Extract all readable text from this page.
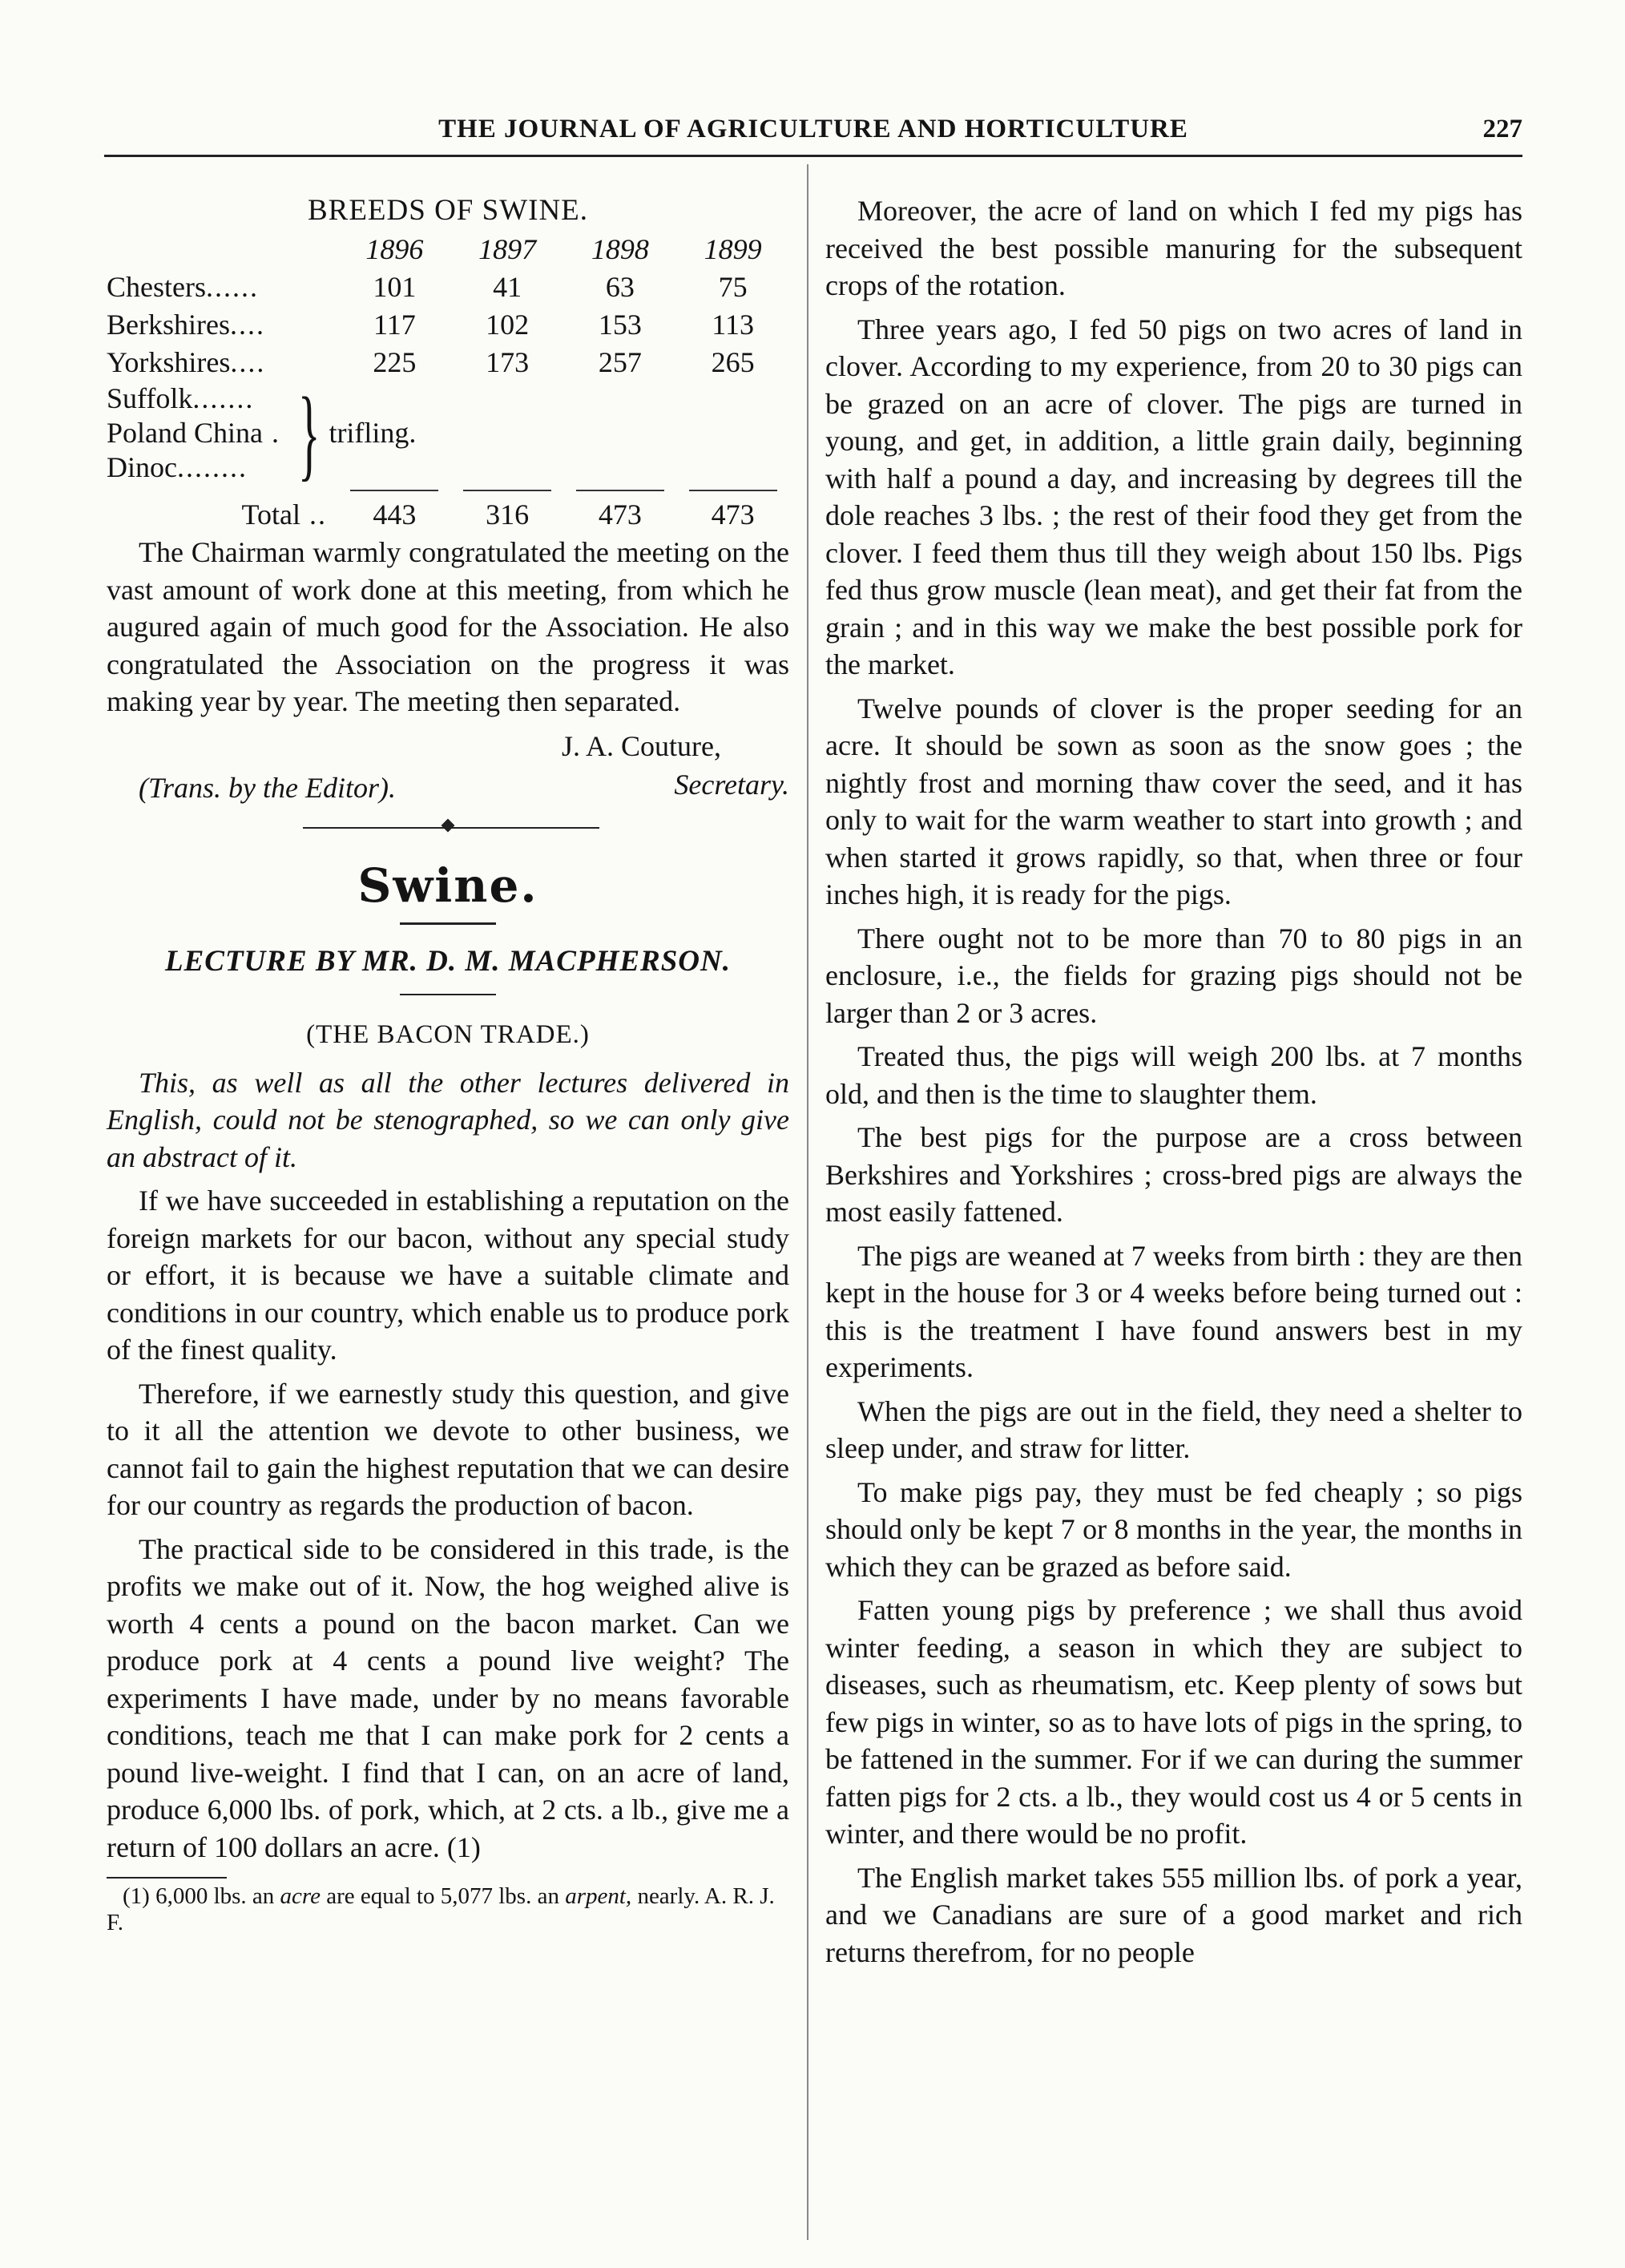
THE JOURNAL OF AGRICULTURE AND HORTICULTURE	227
BREEDS OF SWINE.
	1896	1897	1898	1899
Chesters......	101	41	63	75
Berkshires....	117	102	153	113
Yorkshires....	225	173	257	265

Suffolk.......
Poland China .
Dinoc........ } trifling.				

Total ..	443	316	473	473

The Chairman warmly congratulated the meeting on the vast amount of work done at this meeting, from which he augured again of much good for the Association. He also congratulated the Association on the progress it was making year by year. The meeting then separated.

J. A. Couture,
Secretary.
(Trans. by the Editor).
Swine.
LECTURE BY MR. D. M. MACPHERSON.
(THE BACON TRADE.)

This, as well as all the other lectures delivered in English, could not be stenographed, so we can only give an abstract of it.

If we have succeeded in establishing a reputation on the foreign markets for our bacon, without any special study or effort, it is because we have a suitable climate and conditions in our country, which enable us to produce pork of the finest quality.

Therefore, if we earnestly study this question, and give to it all the attention we devote to other business, we cannot fail to gain the highest reputation that we can desire for our country as regards the production of bacon.

The practical side to be considered in this trade, is the profits we make out of it. Now, the hog weighed alive is worth 4 cents a pound on the bacon market. Can we produce pork at 4 cents a pound live weight? The experiments I have made, under by no means favorable conditions, teach me that I can make pork for 2 cents a pound live-weight. I find that I can, on an acre of land, produce 6,000 lbs. of pork, which, at 2 cts. a lb., give me a return of 100 dollars an acre. (1)

(1) 6,000 lbs. an acre are equal to 5,077 lbs. an arpent, nearly. A. R. J. F.

Moreover, the acre of land on which I fed my pigs has received the best possible manuring for the subsequent crops of the rotation.

Three years ago, I fed 50 pigs on two acres of land in clover. According to my experience, from 20 to 30 pigs can be grazed on an acre of clover. The pigs are turned in young, and get, in addition, a little grain daily, beginning with half a pound a day, and increasing by degrees till the dole reaches 3 lbs. ; the rest of their food they get from the clover. I feed them thus till they weigh about 150 lbs. Pigs fed thus grow muscle (lean meat), and get their fat from the grain ; and in this way we make the best possible pork for the market.

Twelve pounds of clover is the proper seeding for an acre. It should be sown as soon as the snow goes ; the nightly frost and morning thaw cover the seed, and it has only to wait for the warm weather to start into growth ; and when started it grows rapidly, so that, when three or four inches high, it is ready for the pigs.

There ought not to be more than 70 to 80 pigs in an enclosure, i.e., the fields for grazing pigs should not be larger than 2 or 3 acres.

Treated thus, the pigs will weigh 200 lbs. at 7 months old, and then is the time to slaughter them.

The best pigs for the purpose are a cross between Berkshires and Yorkshires ; cross-bred pigs are always the most easily fattened.

The pigs are weaned at 7 weeks from birth : they are then kept in the house for 3 or 4 weeks before being turned out : this is the treatment I have found answers best in my experiments.

When the pigs are out in the field, they need a shelter to sleep under, and straw for litter.

To make pigs pay, they must be fed cheaply ; so pigs should only be kept 7 or 8 months in the year, the months in which they can be grazed as before said.

Fatten young pigs by preference ; we shall thus avoid winter feeding, a season in which they are subject to diseases, such as rheumatism, etc. Keep plenty of sows but few pigs in winter, so as to have lots of pigs in the spring, to be fattened in the summer. For if we can during the summer fatten pigs for 2 cts. a lb., they would cost us 4 or 5 cents in winter, and there would be no profit.

The English market takes 555 million lbs. of pork a year, and we Canadians are sure of a good market and rich returns therefrom, for no people
